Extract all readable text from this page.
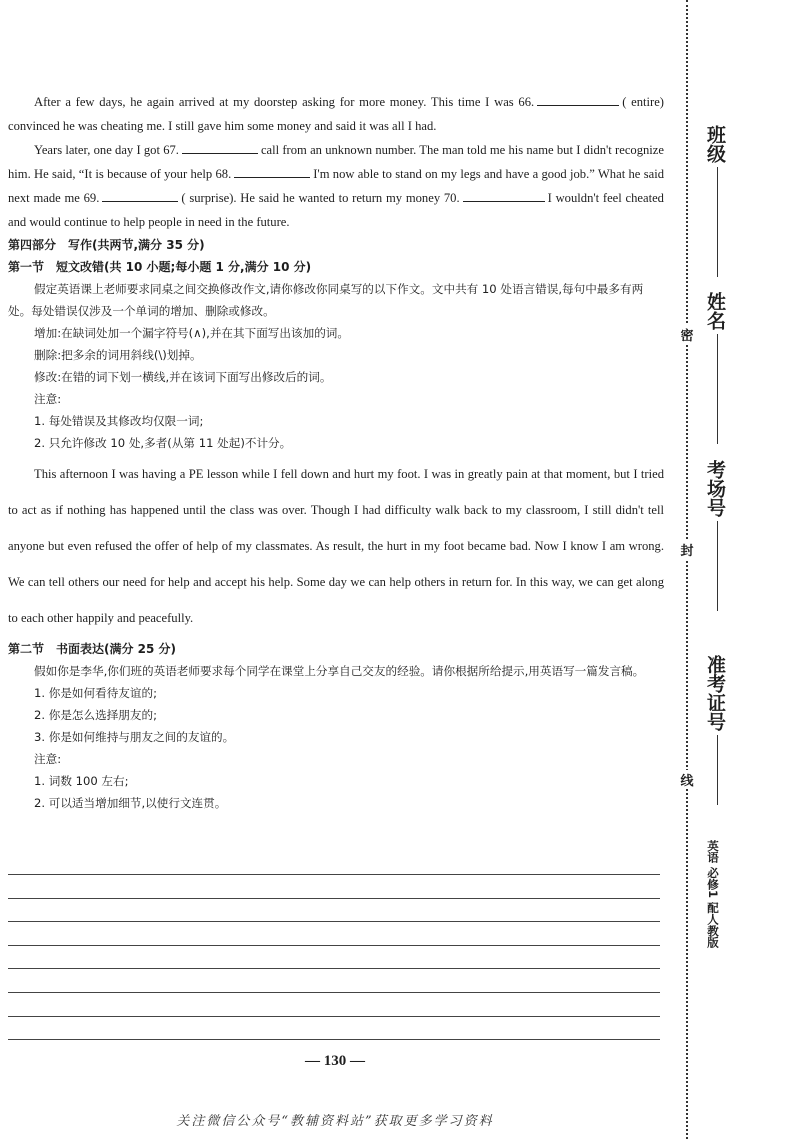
After a few days, he again arrived at my doorstep asking for more money. This time I was 66.	( entire) convinced he was cheating me. I still gave him some money and said it was all I had.
Years later, one day I got 67.	call from an unknown number. The man told me his name but I didn't recognize him. He said, “It is because of your help 68.	I'm now able to stand on my legs and have a good job.” What he said next made me 69.	( surprise). He said he wanted to return my money 70.	I wouldn't feel cheated and would continue to help people in need in the future.
第四部分　写作(共两节,满分 35 分)
第一节　短文改错(共 10 小题;每小题 1 分,满分 10 分)
假定英语课上老师要求同桌之间交换修改作文,请你修改你同桌写的以下作文。文中共有 10 处语言错误,每句中最多有两处。每处错误仅涉及一个单词的增加、删除或修改。
增加:在缺词处加一个漏字符号(∧),并在其下面写出该加的词。
删除:把多余的词用斜线(\)划掉。
修改:在错的词下划一横线,并在该词下面写出修改后的词。
注意:
1. 每处错误及其修改均仅限一词;
2. 只允许修改 10 处,多者(从第 11 处起)不计分。
This afternoon I was having a PE lesson while I fell down and hurt my foot. I was in greatly pain at that moment, but I tried to act as if nothing has happened until the class was over. Though I had difficulty walk back to my classroom, I still didn't tell anyone but even refused the offer of help of my classmates. As result, the hurt in my foot became bad. Now I know I am wrong. We can tell others our need for help and accept his help. Some day we can help others in return for. In this way, we can get along to each other happily and peacefully.
第二节　书面表达(满分 25 分)
假如你是李华,你们班的英语老师要求每个同学在课堂上分享自己交友的经验。请你根据所给提示,用英语写一篇发言稿。
1. 你是如何看待友谊的;
2. 你是怎么选择朋友的;
3. 你是如何维持与朋友之间的友谊的。
注意:
1. 词数 100 左右;
2. 可以适当增加细节,以使行文连贯。
— 130 —
关注微信公众号“教辅资料站”获取更多学习资料
班级
姓名
考场号
准考证号
密
封
线
英语 必修1 配人教版
